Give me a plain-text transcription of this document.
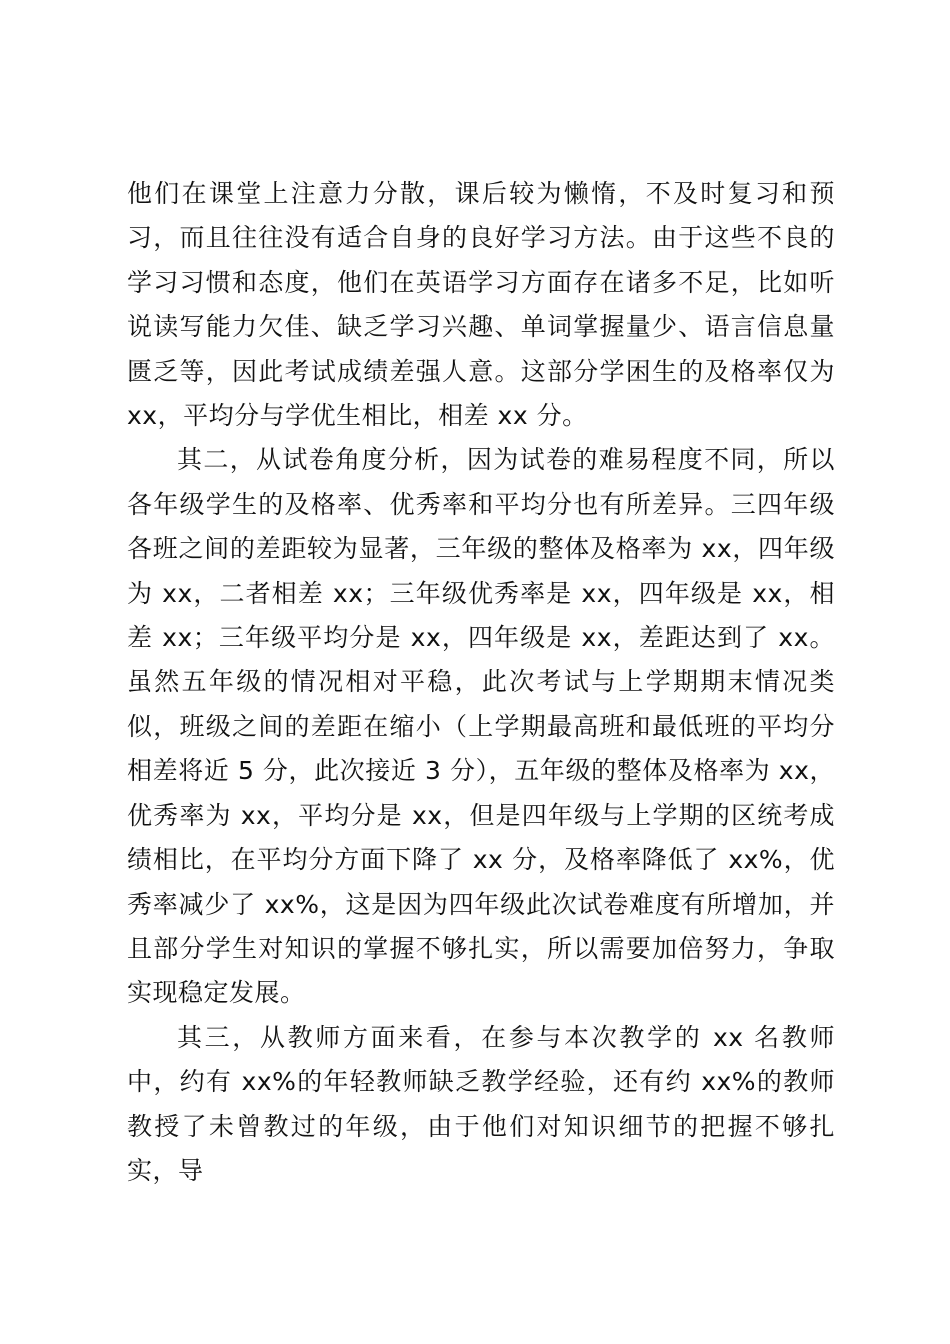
他们在课堂上注意力分散，课后较为懒惰，不及时复习和预习，而且往往没有适合自身的良好学习方法。由于这些不良的学习习惯和态度，他们在英语学习方面存在诸多不足，比如听说读写能力欠佳、缺乏学习兴趣、单词掌握量少、语言信息量匮乏等，因此考试成绩差强人意。这部分学困生的及格率仅为 xx，平均分与学优生相比，相差 xx 分。

其二，从试卷角度分析，因为试卷的难易程度不同，所以各年级学生的及格率、优秀率和平均分也有所差异。三四年级各班之间的差距较为显著，三年级的整体及格率为 xx，四年级为 xx，二者相差 xx；三年级优秀率是 xx，四年级是 xx，相差 xx；三年级平均分是 xx，四年级是 xx，差距达到了 xx。虽然五年级的情况相对平稳，此次考试与上学期期末情况类似，班级之间的差距在缩小（上学期最高班和最低班的平均分相差将近 5 分，此次接近 3 分），五年级的整体及格率为 xx，优秀率为 xx，平均分是 xx，但是四年级与上学期的区统考成绩相比，在平均分方面下降了 xx 分，及格率降低了 xx%，优秀率减少了 xx%，这是因为四年级此次试卷难度有所增加，并且部分学生对知识的掌握不够扎实，所以需要加倍努力，争取实现稳定发展。

其三，从教师方面来看，在参与本次教学的 xx 名教师中，约有 xx%的年轻教师缺乏教学经验，还有约 xx%的教师教授了未曾教过的年级，由于他们对知识细节的把握不够扎实，导
